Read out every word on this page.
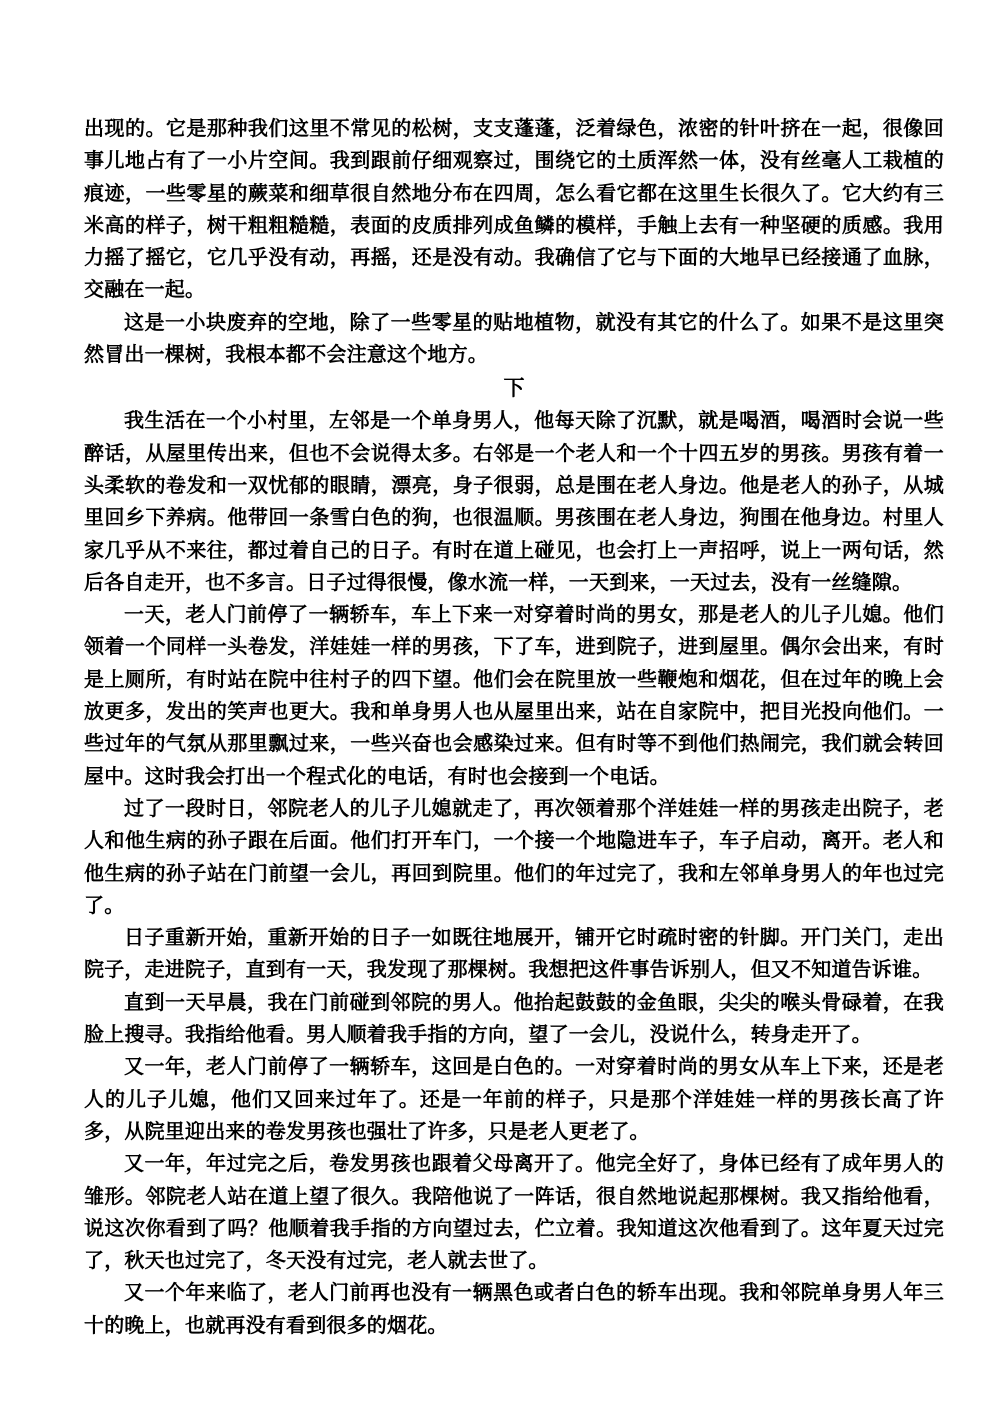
出现的。它是那种我们这里不常见的松树，支支蓬蓬，泛着绿色，浓密的针叶挤在一起，很像回事儿地占有了一小片空间。我到跟前仔细观察过，围绕它的土质浑然一体，没有丝毫人工栽植的痕迹，一些零星的蕨菜和细草很自然地分布在四周，怎么看它都在这里生长很久了。它大约有三米高的样子，树干粗粗糙糙，表面的皮质排列成鱼鳞的模样，手触上去有一种坚硬的质感。我用力摇了摇它，它几乎没有动，再摇，还是没有动。我确信了它与下面的大地早已经接通了血脉，交融在一起。

这是一小块废弃的空地，除了一些零星的贴地植物，就没有其它的什么了。如果不是这里突然冒出一棵树，我根本都不会注意这个地方。

下

我生活在一个小村里，左邻是一个单身男人，他每天除了沉默，就是喝酒，喝酒时会说一些醉话，从屋里传出来，但也不会说得太多。右邻是一个老人和一个十四五岁的男孩。男孩有着一头柔软的卷发和一双忧郁的眼睛，漂亮，身子很弱，总是围在老人身边。他是老人的孙子，从城里回乡下养病。他带回一条雪白色的狗，也很温顺。男孩围在老人身边，狗围在他身边。村里人家几乎从不来往，都过着自己的日子。有时在道上碰见，也会打上一声招呼，说上一两句话，然后各自走开，也不多言。日子过得很慢，像水流一样，一天到来，一天过去，没有一丝缝隙。

一天，老人门前停了一辆轿车，车上下来一对穿着时尚的男女，那是老人的儿子儿媳。他们领着一个同样一头卷发，洋娃娃一样的男孩，下了车，进到院子，进到屋里。偶尔会出来，有时是上厕所，有时站在院中往村子的四下望。他们会在院里放一些鞭炮和烟花，但在过年的晚上会放更多，发出的笑声也更大。我和单身男人也从屋里出来，站在自家院中，把目光投向他们。一些过年的气氛从那里飘过来，一些兴奋也会感染过来。但有时等不到他们热闹完，我们就会转回屋中。这时我会打出一个程式化的电话，有时也会接到一个电话。

过了一段时日，邻院老人的儿子儿媳就走了，再次领着那个洋娃娃一样的男孩走出院子，老人和他生病的孙子跟在后面。他们打开车门，一个接一个地隐进车子，车子启动，离开。老人和他生病的孙子站在门前望一会儿，再回到院里。他们的年过完了，我和左邻单身男人的年也过完了。

日子重新开始，重新开始的日子一如既往地展开，铺开它时疏时密的针脚。开门关门，走出院子，走进院子，直到有一天，我发现了那棵树。我想把这件事告诉别人，但又不知道告诉谁。

直到一天早晨，我在门前碰到邻院的男人。他抬起鼓鼓的金鱼眼，尖尖的喉头骨碌着，在我脸上搜寻。我指给他看。男人顺着我手指的方向，望了一会儿，没说什么，转身走开了。

又一年，老人门前停了一辆轿车，这回是白色的。一对穿着时尚的男女从车上下来，还是老人的儿子儿媳，他们又回来过年了。还是一年前的样子，只是那个洋娃娃一样的男孩长高了许多，从院里迎出来的卷发男孩也强壮了许多，只是老人更老了。

又一年，年过完之后，卷发男孩也跟着父母离开了。他完全好了，身体已经有了成年男人的雏形。邻院老人站在道上望了很久。我陪他说了一阵话，很自然地说起那棵树。我又指给他看，说这次你看到了吗？他顺着我手指的方向望过去，伫立着。我知道这次他看到了。这年夏天过完了，秋天也过完了，冬天没有过完，老人就去世了。

又一个年来临了，老人门前再也没有一辆黑色或者白色的轿车出现。我和邻院单身男人年三十的晚上，也就再没有看到很多的烟花。
